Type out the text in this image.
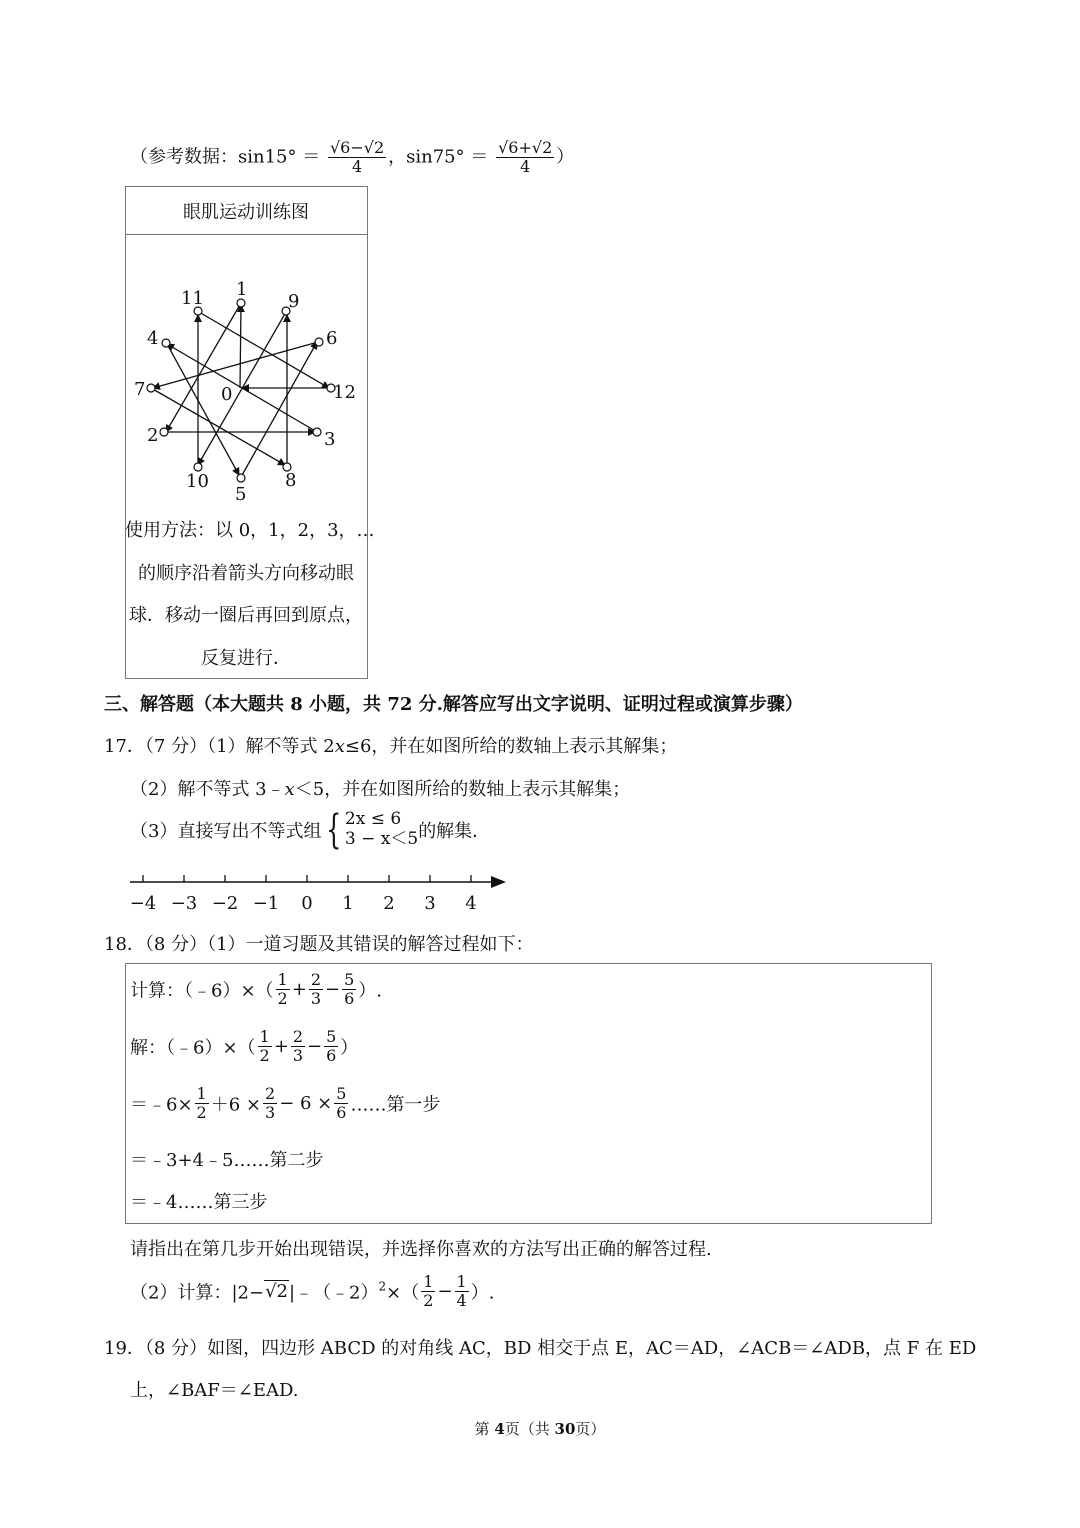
（参考数据：$\sin 15^\circ = \frac{√6-√2}{4}$ ，$\sin 75^\circ = \frac{√6+√2}{4}$ ）
眼肌运动训练图
0
1
2	3
4
5
6
7
8
9
10
11
12
使用方法：以 0，1，2，3，…
的顺序沿着箭头方向移动眼
球．移动一圈后再回到原点，
反复进行．
三、解答题（本大题共 8 小题，共 72 分.解答应写出文字说明、证明过程或演算步骤）
17．（7 分）（1）解不等式 2x≤6，并在如图所给的数轴上表示其解集；
（2）解不等式 3﹣x＜5，并在如图所给的数轴上表示其解集；
（3）直接写出不等式组 { 2x ≤ 6
3 − x＜5 的解集．
−4 −3 −2 −1 0 1 2 3 4
18．（8 分）（1）一道习题及其错误的解答过程如下：
计算：（﹣6）×（ $\frac{1}{2} + \frac{2}{3} - \frac{5}{6}$ ）.
解：（﹣6）×（ $\frac{1}{2} + \frac{2}{3} - \frac{5}{6}$ ）
＝﹣6× $\frac{1}{2} +6 \times \frac{2}{3} - 6 \times \frac{5}{6}$ ……第一步
＝﹣3+4﹣5……第二步
＝﹣4……第三步
请指出在第几步开始出现错误，并选择你喜欢的方法写出正确的解答过程.
（2）计算：|2−√2|﹣（﹣2）$^2$×（ $\frac{1}{2} - \frac{1}{4}$ ）.
19．（8 分）如图，四边形 ABCD 的对角线 AC，BD 相交于点 E，AC＝AD，∠ACB＝∠ADB，点 F 在 ED
上，∠BAF＝∠EAD.
第 4页（共 30页）
